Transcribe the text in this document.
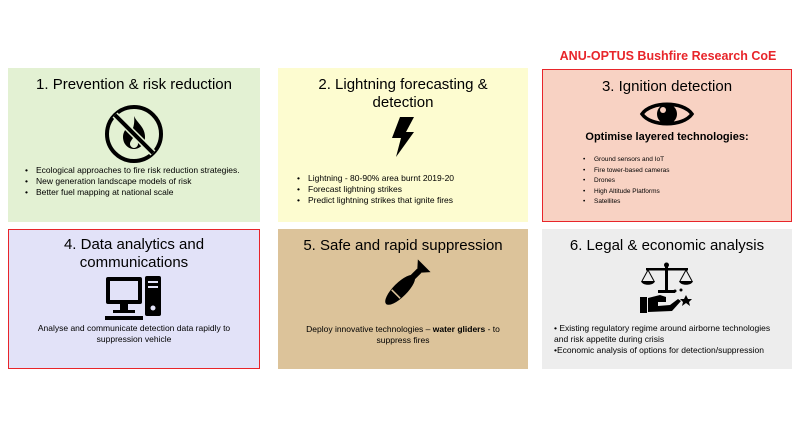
ANU-OPTUS Bushfire Research CoE
1. Prevention & risk reduction
• Ecological approaches to fire risk reduction strategies.
• New generation landscape models of risk
• Better fuel mapping at national scale
2. Lightning forecasting &
detection
• Lightning - 80-90% area burnt 2019-20
• Forecast lightning strikes
• Predict lightning strikes that ignite fires
3. Ignition detection
Optimise layered technologies:
• Ground sensors and IoT
• Fire tower-based cameras
• Drones
• High Altitude Platforms
• Satellites
4. Data analytics and
communications
Analyse and communicate detection data rapidly to
suppression vehicle
5. Safe and rapid suppression
Deploy innovative technologies – water gliders - to
suppress fires
6. Legal & economic analysis
• Existing regulatory regime around airborne technologies and risk appetite during crisis
•Economic analysis of options for detection/suppression
